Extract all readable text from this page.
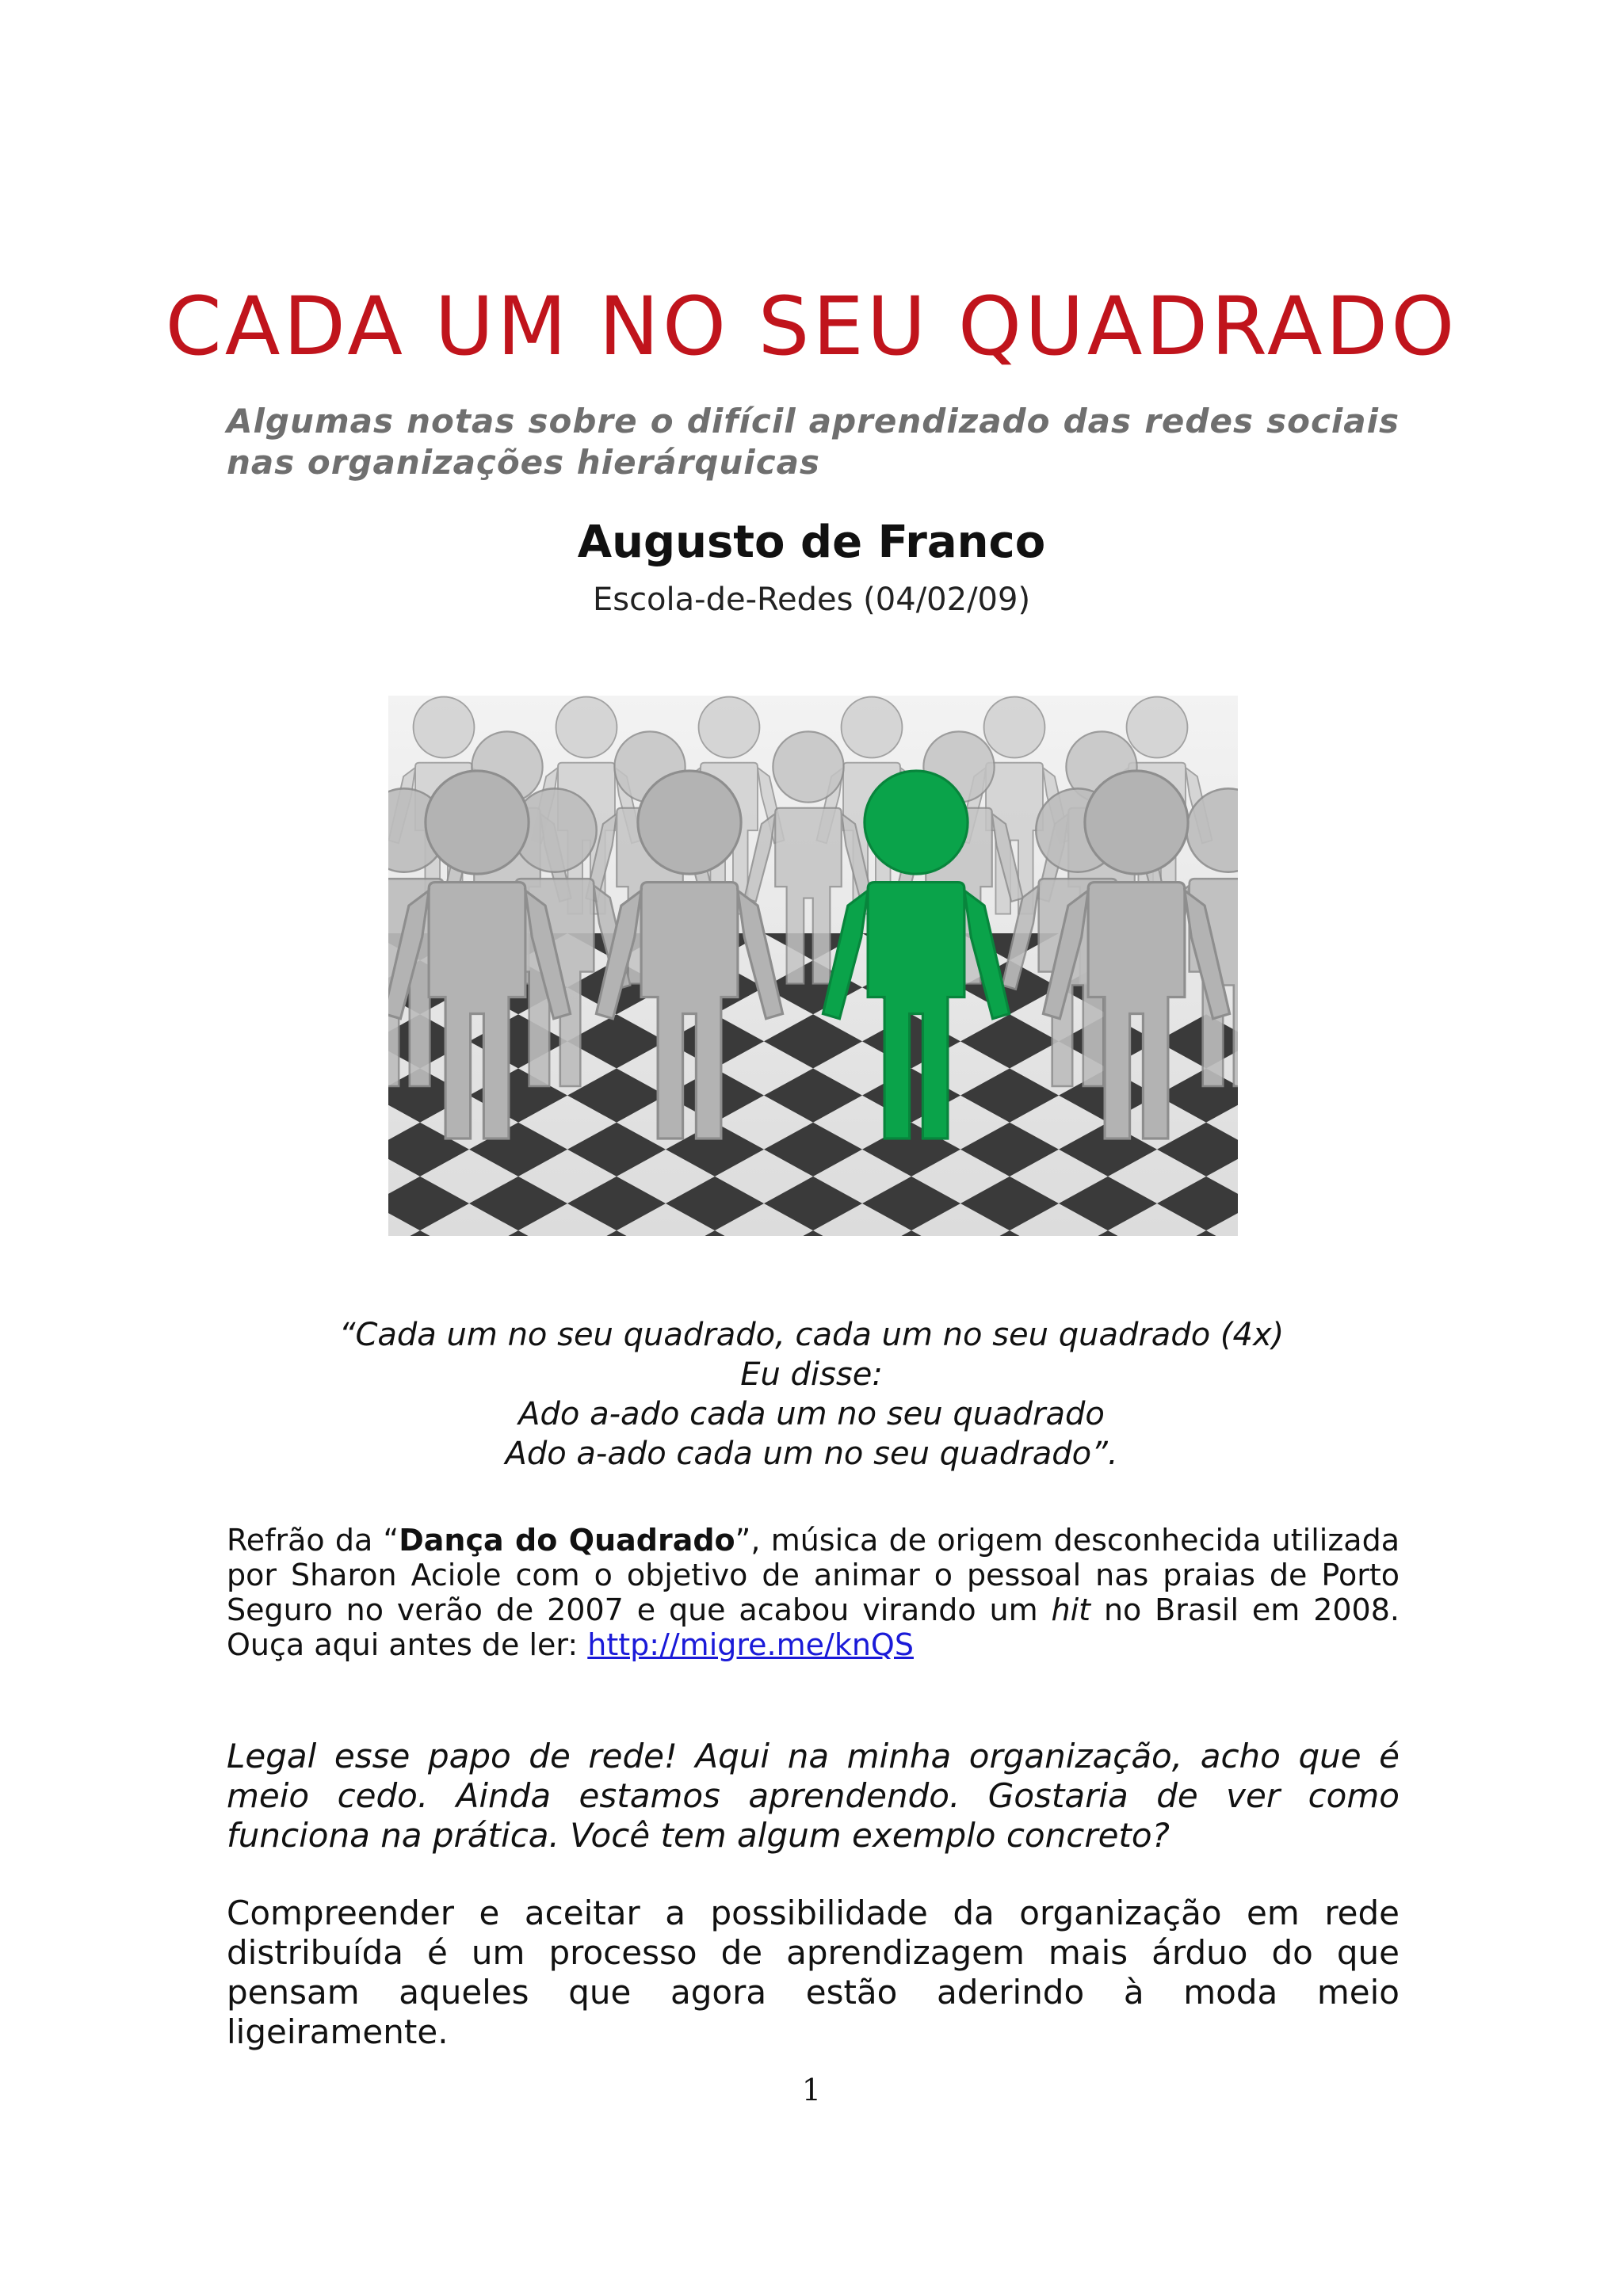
CADA UM NO SEU QUADRADO
Algumas notas sobre o difícil aprendizado das redes sociais nas organizações hierárquicas
Augusto de Franco
Escola-de-Redes (04/02/09)
“Cada um no seu quadrado, cada um no seu quadrado (4x)
Eu disse:
Ado a-ado cada um no seu quadrado
Ado a-ado cada um no seu quadrado”.
Refrão da “Dança do Quadrado”, música de origem desconhecida utilizada por Sharon Aciole com o objetivo de animar o pessoal nas praias de Porto Seguro no verão de 2007 e que acabou virando um hit no Brasil em 2008. Ouça aqui antes de ler: http://migre.me/knQS
Legal esse papo de rede! Aqui na minha organização, acho que é meio cedo. Ainda estamos aprendendo. Gostaria de ver como funciona na prática. Você tem algum exemplo concreto?
Compreender e aceitar a possibilidade da organização em rede distribuída é um processo de aprendizagem mais árduo do que pensam aqueles que agora estão aderindo à moda meio ligeiramente.
1
